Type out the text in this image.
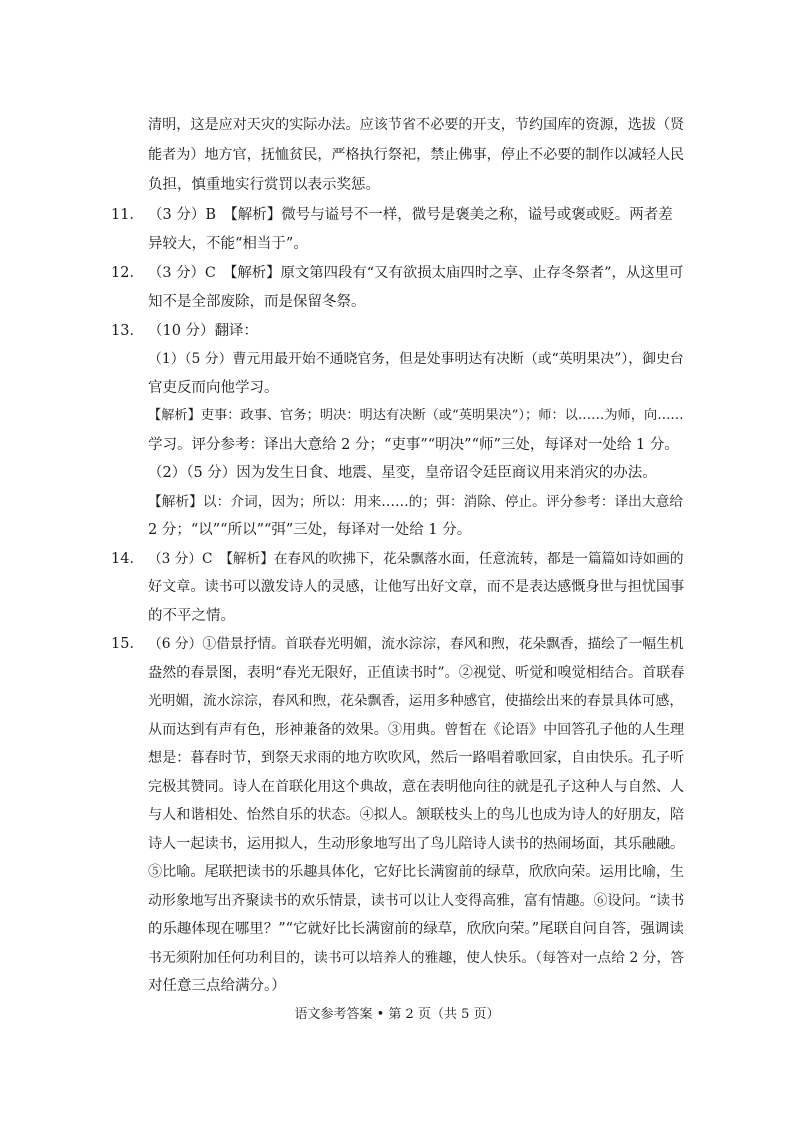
清明，这是应对天灾的实际办法。应该节省不必要的开支，节约国库的资源，选拔（贤
能者为）地方官，抚恤贫民，严格执行祭祀，禁止佛事，停止不必要的制作以减轻人民
负担，慎重地实行赏罚以表示奖惩。
11． （3 分）B　【解析】微号与谥号不一样，微号是褒美之称，谥号或褒或贬。两者差
异较大，不能“相当于”。
12． （3 分）C　【解析】原文第四段有“又有欲损太庙四时之享、止存冬祭者”，从这里可
知不是全部废除，而是保留冬祭。
13． （10 分）翻译：
（1）（5 分）曹元用最开始不通晓官务，但是处事明达有决断（或“英明果决”），御史台
官吏反而向他学习。
【解析】吏事：政事、官务；明决：明达有决断（或“英明果决”）；师：以……为师，向……
学习。评分参考：译出大意给 2 分；“吏事”“明决”“师”三处，每译对一处给 1 分。
（2）（5 分）因为发生日食、地震、星变，皇帝诏令廷臣商议用来消灾的办法。
【解析】以：介词，因为；所以：用来……的；弭：消除、停止。评分参考：译出大意给
2 分；“以”“所以”“弭”三处，每译对一处给 1 分。
14． （3 分）C　【解析】在春风的吹拂下，花朵飘落水面，任意流转，都是一篇篇如诗如画的
好文章。读书可以激发诗人的灵感，让他写出好文章，而不是表达感慨身世与担忧国事
的不平之情。
15． （6 分）①借景抒情。首联春光明媚，流水淙淙，春风和煦，花朵飘香，描绘了一幅生机
盎然的春景图，表明“春光无限好，正值读书时”。②视觉、听觉和嗅觉相结合。首联春
光明媚，流水淙淙，春风和煦，花朵飘香，运用多种感官，使描绘出来的春景具体可感，
从而达到有声有色，形神兼备的效果。③用典。曾皙在《论语》中回答孔子他的人生理
想是：暮春时节，到祭天求雨的地方吹吹风，然后一路唱着歌回家，自由快乐。孔子听
完极其赞同。诗人在首联化用这个典故，意在表明他向往的就是孔子这种人与自然、人
与人和谐相处、怡然自乐的状态。④拟人。颔联枝头上的鸟儿也成为诗人的好朋友，陪
诗人一起读书，运用拟人，生动形象地写出了鸟儿陪诗人读书的热闹场面，其乐融融。
⑤比喻。尾联把读书的乐趣具体化，它好比长满窗前的绿草，欣欣向荣。运用比喻，生
动形象地写出齐聚读书的欢乐情景，读书可以让人变得高雅，富有情趣。⑥设问。“读书
的乐趣体现在哪里？”“它就好比长满窗前的绿草，欣欣向荣。”尾联自问自答，强调读
书无须附加任何功利目的，读书可以培养人的雅趣，使人快乐。（每答对一点给 2 分，答
对任意三点给满分。）
语文参考答案 • 第 2 页（共 5 页）
